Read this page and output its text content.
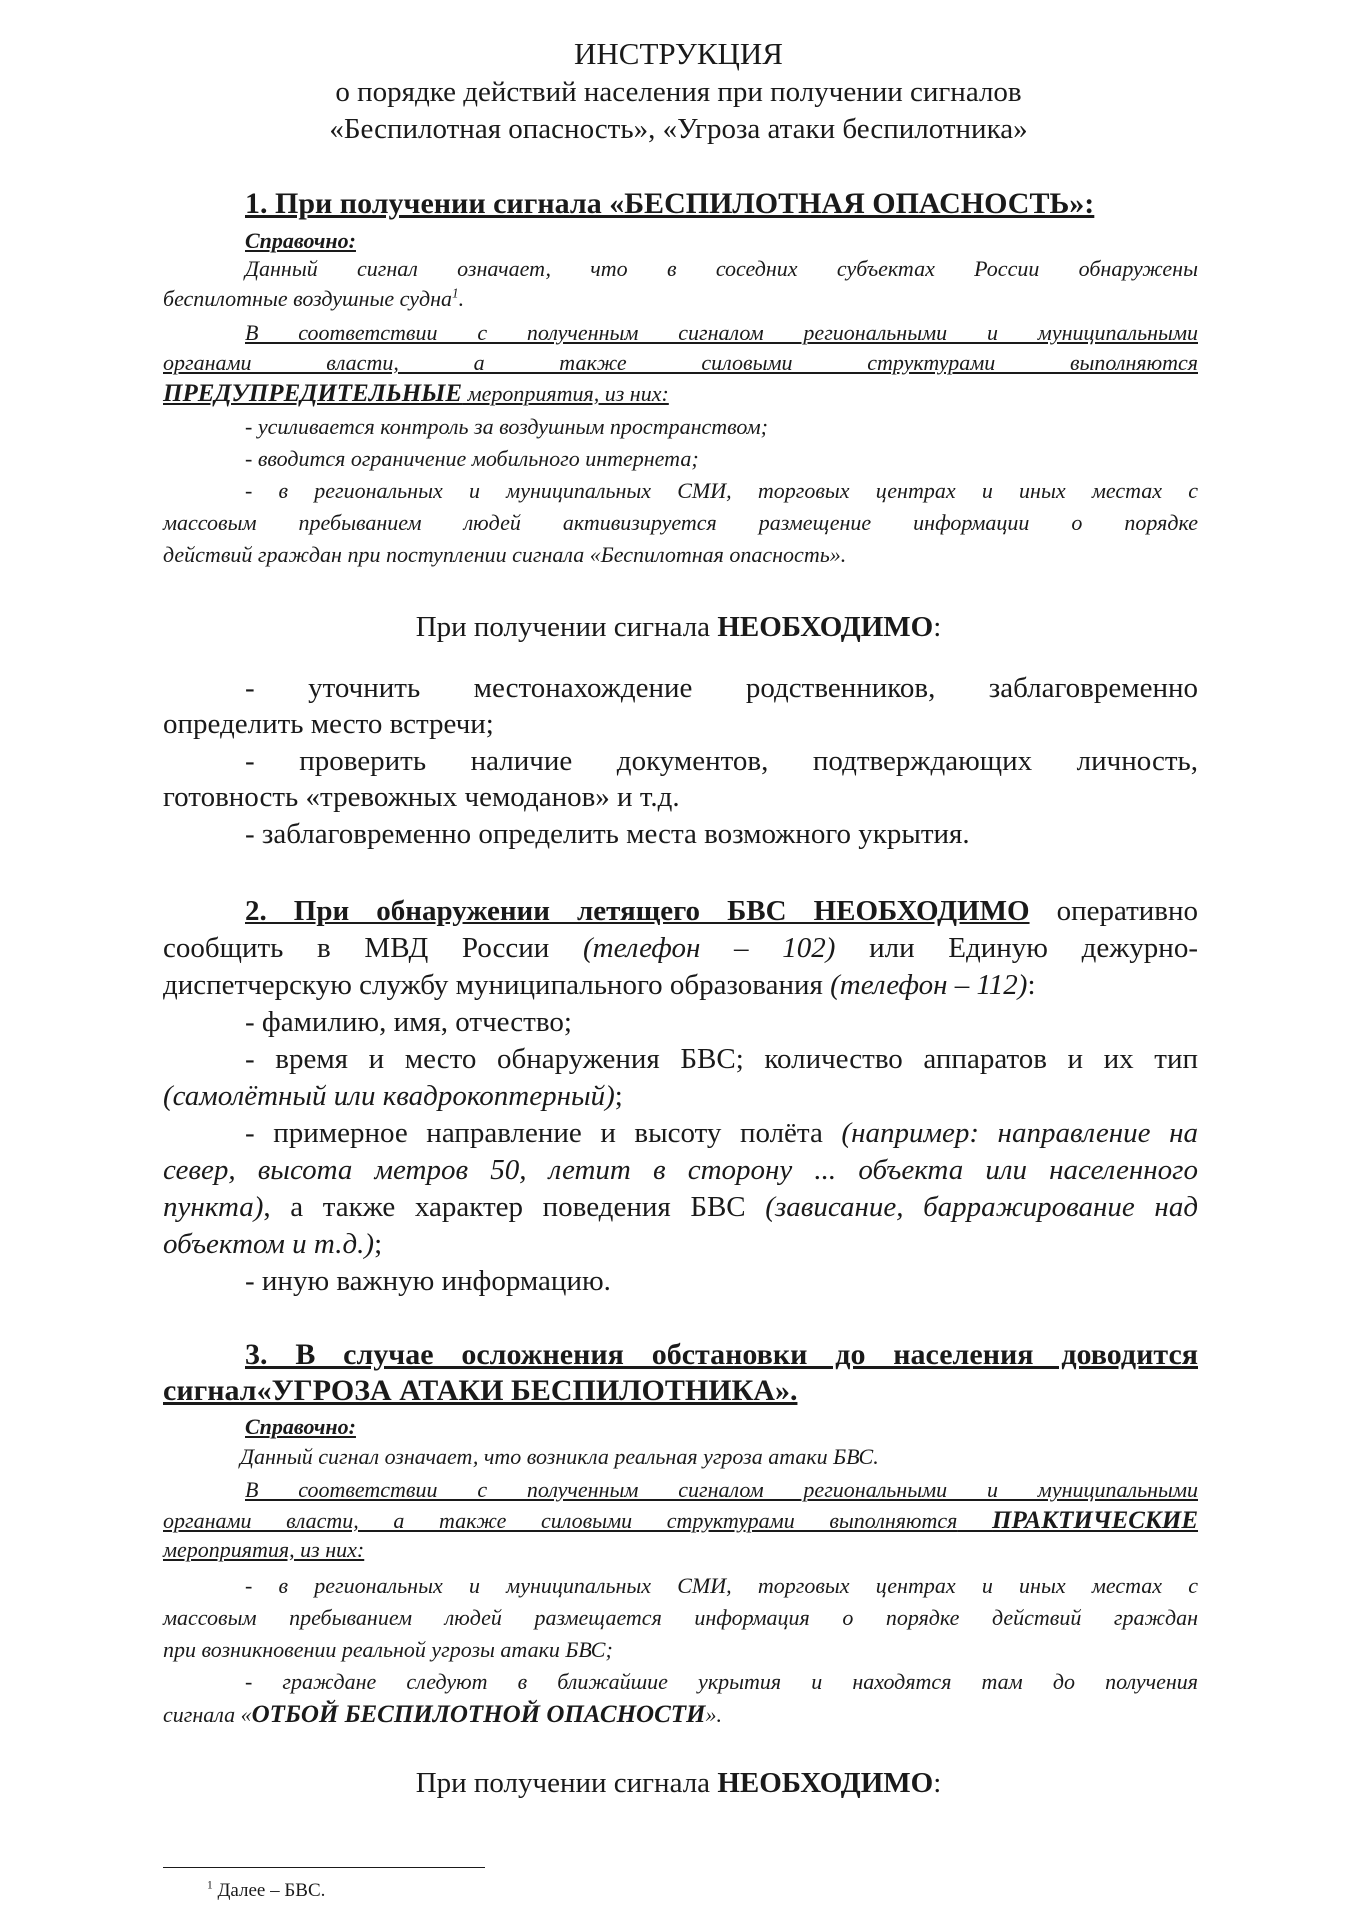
ИНСТРУКЦИЯ
о порядке действий населения при получении сигналов
«Беспилотная опасность», «Угроза атаки беспилотника»
1. При получении сигнала «БЕСПИЛОТНАЯ ОПАСНОСТЬ»:
Справочно:
Данный сигнал означает, что в соседних субъектах России обнаружены
беспилотные воздушные судна$^1$.
В соответствии с полученным сигналом региональными и муниципальными
органами власти, а также силовыми структурами выполняются
ПРЕДУПРЕДИТЕЛЬНЫЕ мероприятия, из них:
- усиливается контроль за воздушным пространством;
- вводится ограничение мобильного интернета;
- в региональных и муниципальных СМИ, торговых центрах и иных местах с
массовым пребыванием людей активизируется размещение информации о порядке
действий граждан при поступлении сигнала «Беспилотная опасность».
При получении сигнала НЕОБХОДИМО:
- уточнить местонахождение родственников, заблаговременно
определить место встречи;
- проверить наличие документов, подтверждающих личность,
готовность «тревожных чемоданов» и т.д.
- заблаговременно определить места возможного укрытия.
2. При обнаружении летящего БВС НЕОБХОДИМО оперативно
сообщить в МВД России (телефон – 102) или Единую дежурно-
диспетчерскую службу муниципального образования (телефон – 112):
- фамилию, имя, отчество;
- время и место обнаружения БВС; количество аппаратов и их тип
(самолётный или квадрокоптерный);
- примерное направление и высоту полёта (например: направление на
север, высота метров 50, летит в сторону ... объекта или населенного
пункта), а также характер поведения БВС (зависание, барражирование над
объектом и т.д.);
- иную важную информацию.
3. В случае осложнения обстановки до населения доводится
сигнал«УГРОЗА АТАКИ БЕСПИЛОТНИКА».
Справочно:
Данный сигнал означает, что возникла реальная угроза атаки БВС.
В соответствии с полученным сигналом региональными и муниципальными
органами власти, а также силовыми структурами выполняются ПРАКТИЧЕСКИЕ
мероприятия, из них:
- в региональных и муниципальных СМИ, торговых центрах и иных местах с
массовым пребыванием людей размещается информация о порядке действий граждан
при возникновении реальной угрозы атаки БВС;
- граждане следуют в ближайшие укрытия и находятся там до получения
сигнала «ОТБОЙ БЕСПИЛОТНОЙ ОПАСНОСТИ».
При получении сигнала НЕОБХОДИМО:
$^1$ Далее – БВС.
